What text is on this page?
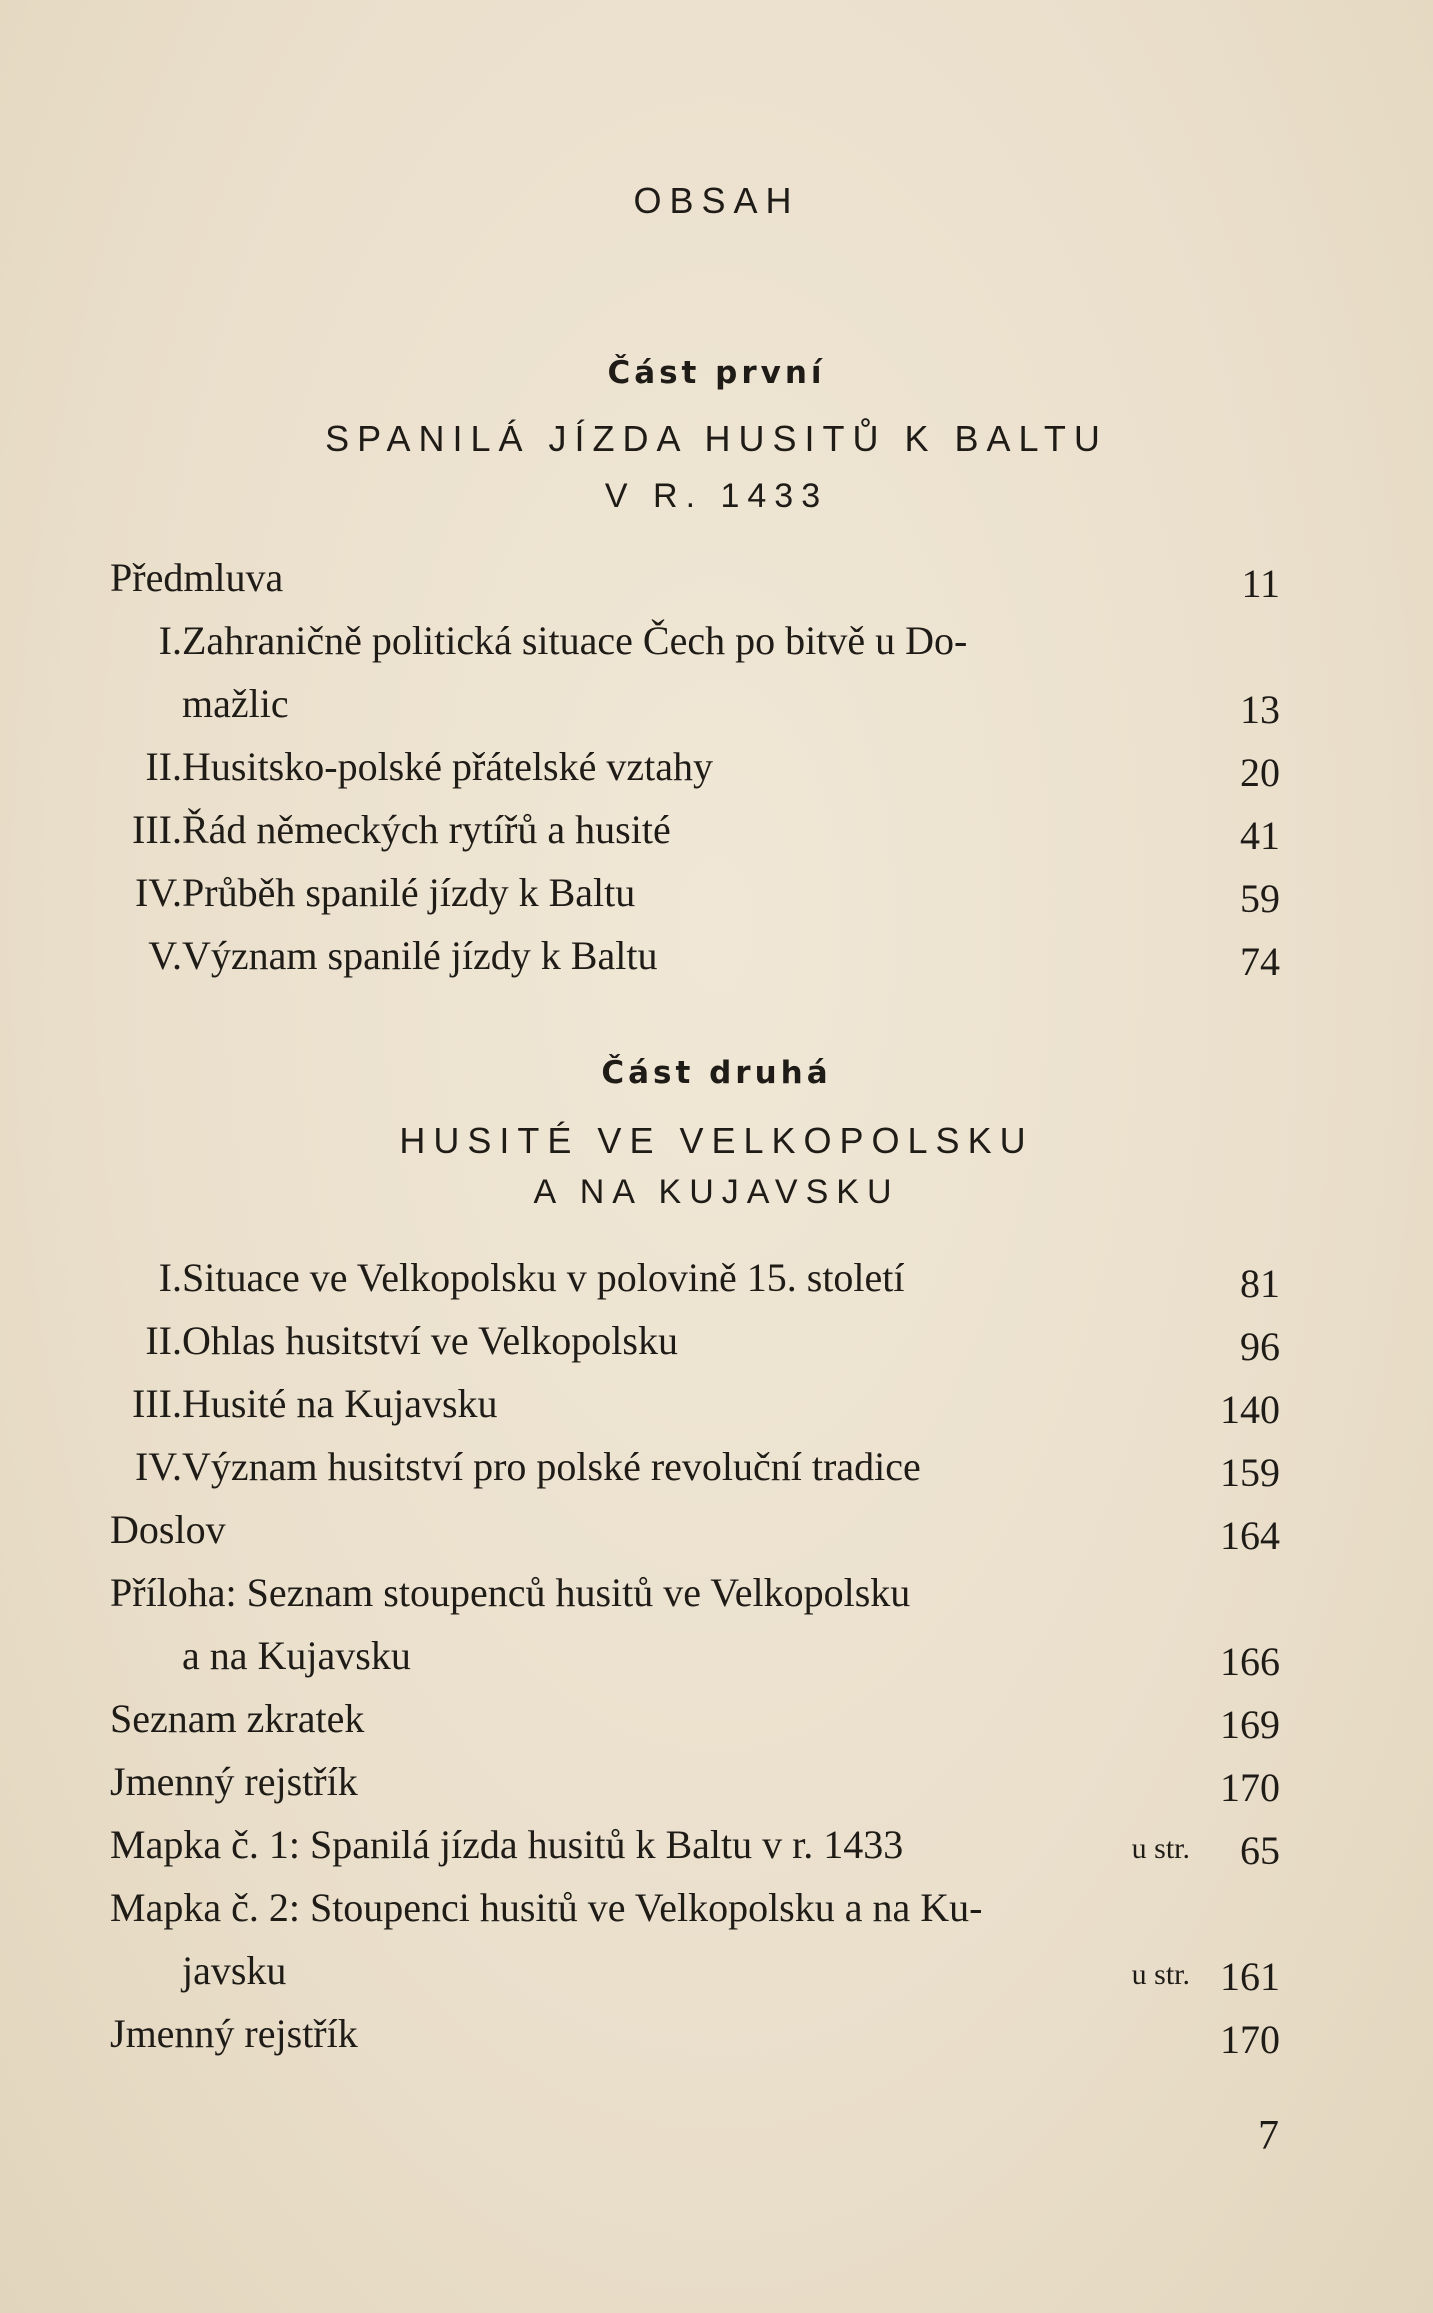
OBSAH
Část první
SPANILÁ JÍZDA HUSITŮ K BALTU
V R. 1433
Předmluva	11
I. Zahraničně politická situace Čech po bitvě u Do-
mažlic	13
II. Husitsko-polské přátelské vztahy	20
III. Řád německých rytířů a husité	41
IV. Průběh spanilé jízdy k Baltu	59
V. Význam spanilé jízdy k Baltu	74
Část druhá
HUSITÉ VE VELKOPOLSKU
A NA KUJAVSKU
I. Situace ve Velkopolsku v polovině 15. století	81
II. Ohlas husitství ve Velkopolsku	96
III. Husité na Kujavsku	140
IV. Význam husitství pro polské revoluční tradice	159
Doslov	164
Příloha: Seznam stoupenců husitů ve Velkopolsku
a na Kujavsku	166
Seznam zkratek	169
Jmenný rejstřík	170
Mapka č. 1: Spanilá jízda husitů k Baltu v r. 1433	u str. 65
Mapka č. 2: Stoupenci husitů ve Velkopolsku a na Ku-
javsku	u str. 161
Jmenný rejstřík	170
7
